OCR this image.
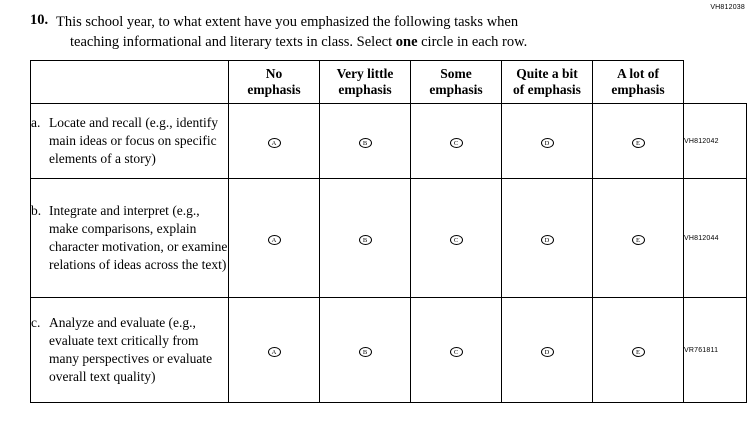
VH812038
10. This school year, to what extent have you emphasized the following tasks when
teaching informational and literary texts in class. Select one circle in each row.
	No
emphasis	Very little
emphasis	Some
emphasis	Quite a bit
of emphasis	A lot of
emphasis	

a. Locate and recall (e.g., identify main ideas or focus on specific elements of a story)	A	B	C	D	E	VH812042

b. Integrate and interpret (e.g., make comparisons, explain character motivation, or examine relations of ideas across the text)	A	B	C	D	E	VH812044

c. Analyze and evaluate (e.g., evaluate text critically from many perspectives or evaluate overall text quality)	A	B	C	D	E	VR761811
